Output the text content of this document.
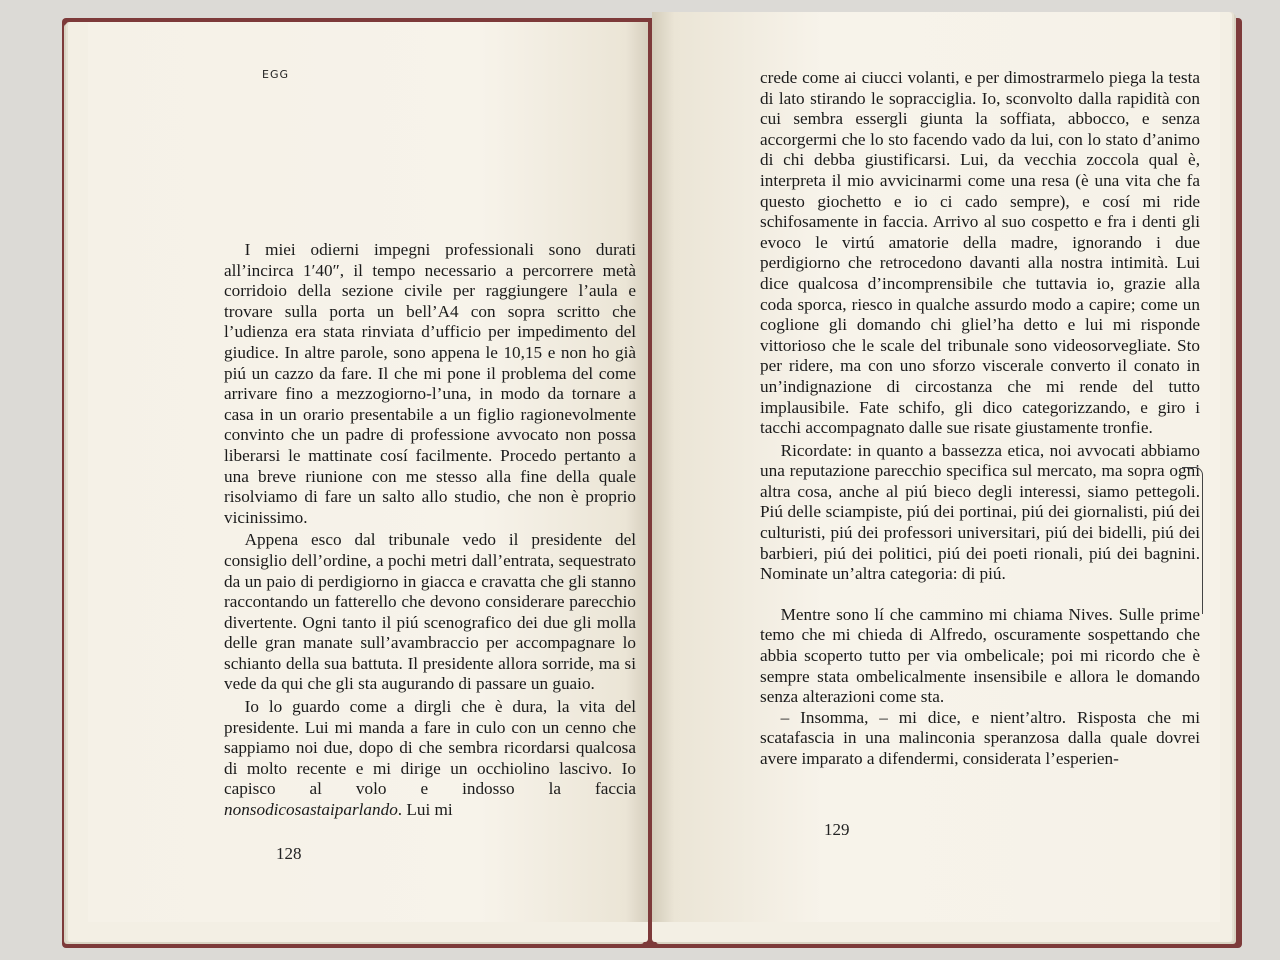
EGG

I miei odierni impegni professionali sono durati all’incirca 1′40″, il tempo necessario a percorrere metà corridoio della sezione civile per raggiungere l’aula e trovare sulla porta un bell’A4 con sopra scritto che l’udienza era stata rinviata d’ufficio per impedimento del giudice. In altre parole, sono appena le 10,15 e non ho già piú un cazzo da fare. Il che mi pone il problema del come arrivare fino a mezzogiorno-l’una, in modo da tornare a casa in un orario presentabile a un figlio ragionevolmente convinto che un padre di professione avvocato non possa liberarsi le mattinate cosí facilmente. Procedo pertanto a una breve riunione con me stesso alla fine della quale risolviamo di fare un salto allo studio, che non è proprio vicinissimo.

Appena esco dal tribunale vedo il presidente del consiglio dell’ordine, a pochi metri dall’entrata, sequestrato da un paio di perdigiorno in giacca e cravatta che gli stanno raccontando un fatterello che devono considerare parecchio divertente. Ogni tanto il piú scenografico dei due gli molla delle gran manate sull’avambraccio per accompagnare lo schianto della sua battuta. Il presidente allora sorride, ma si vede da qui che gli sta augurando di passare un guaio.

Io lo guardo come a dirgli che è dura, la vita del presidente. Lui mi manda a fare in culo con un cenno che sappiamo noi due, dopo di che sembra ricordarsi qualcosa di molto recente e mi dirige un occhiolino lascivo. Io capisco al volo e indosso la faccia nonsodicosastaiparlando. Lui mi

128

crede come ai ciucci volanti, e per dimostrarmelo piega la testa di lato stirando le sopracciglia. Io, sconvolto dalla rapidità con cui sembra essergli giunta la soffiata, abbocco, e senza accorgermi che lo sto facendo vado da lui, con lo stato d’animo di chi debba giustificarsi. Lui, da vecchia zoccola qual è, interpreta il mio avvicinarmi come una resa (è una vita che fa questo giochetto e io ci cado sempre), e cosí mi ride schifosamente in faccia. Arrivo al suo cospetto e fra i denti gli evoco le virtú amatorie della madre, ignorando i due perdigiorno che retrocedono davanti alla nostra intimità. Lui dice qualcosa d’incomprensibile che tuttavia io, grazie alla coda sporca, riesco in qualche assurdo modo a capire; come un coglione gli domando chi gliel’ha detto e lui mi risponde vittorioso che le scale del tribunale sono videosorvegliate. Sto per ridere, ma con uno sforzo viscerale converto il conato in un’indignazione di circostanza che mi rende del tutto implausibile. Fate schifo, gli dico categorizzando, e giro i tacchi accompagnato dalle sue risate giustamente tronfie.

Ricordate: in quanto a bassezza etica, noi avvocati abbiamo una reputazione parecchio specifica sul mercato, ma sopra ogni altra cosa, anche al piú bieco degli interessi, siamo pettegoli. Piú delle sciampiste, piú dei portinai, piú dei giornalisti, piú dei culturisti, piú dei professori universitari, piú dei bidelli, piú dei barbieri, piú dei politici, piú dei poeti rionali, piú dei bagnini. Nominate un’altra categoria: di piú.

Mentre sono lí che cammino mi chiama Nives. Sulle prime temo che mi chieda di Alfredo, oscuramente sospettando che abbia scoperto tutto per via ombelicale; poi mi ricordo che è sempre stata ombelicalmente insensibile e allora le domando senza alterazioni come sta.

– Insomma, – mi dice, e nient’altro. Risposta che mi scatafascia in una malinconia speranzosa dalla quale dovrei avere imparato a difendermi, considerata l’esperien-

129
